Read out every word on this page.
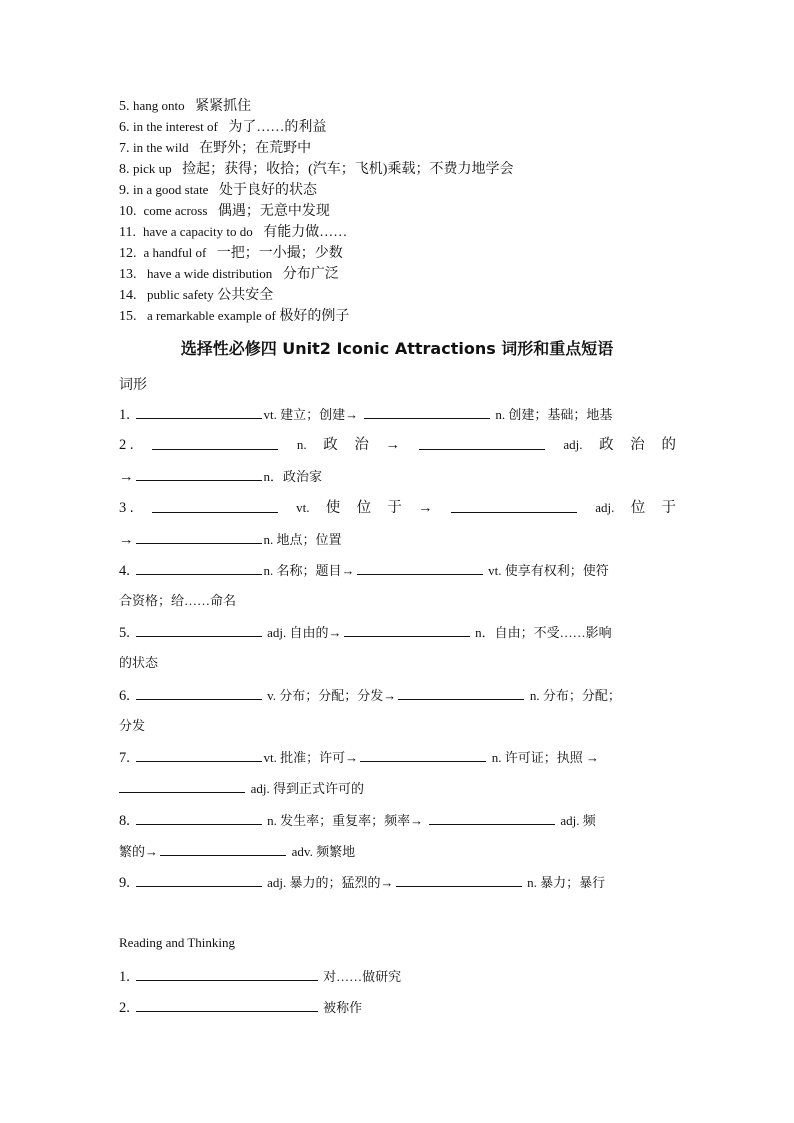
5. hang onto 紧紧抓住
6. in the interest of 为了……的利益
7. in the wild 在野外；在荒野中
8. pick up 捡起；获得；收拾；(汽车；飞机)乘载；不费力地学会
9. in a good state 处于良好的状态
10. come across 偶遇；无意中发现
11. have a capacity to do 有能力做……
12. a handful of 一把；一小撮；少数
13. have a wide distribution 分布广泛
14. public safety 公共安全
15. a remarkable example of 极好的例子
选择性必修四 Unit2 Iconic Attractions 词形和重点短语
词形
1.	vt. 建立；创建→	n. 创建；基础；地基
2 .	n. 政 治 →	adj. 政 治 的
→	n．政治家
3 .	vt. 使 位 于 →	adj. 位 于
→	n. 地点；位置
4.	n. 名称；题目→	vt. 使享有权利；使符
合资格；给……命名
5.	adj. 自由的→	n．自由；不受……影响
的状态
6.	v. 分布；分配；分发→	n. 分布；分配；
分发
7.	vt. 批准；许可→	n. 许可证；执照 →
adj. 得到正式许可的
8.	n. 发生率；重复率；频率→	adj. 频
繁的→	adv. 频繁地
9.	adj. 暴力的；猛烈的→	n. 暴力；暴行
Reading and Thinking
1.	对……做研究
2.	被称作
